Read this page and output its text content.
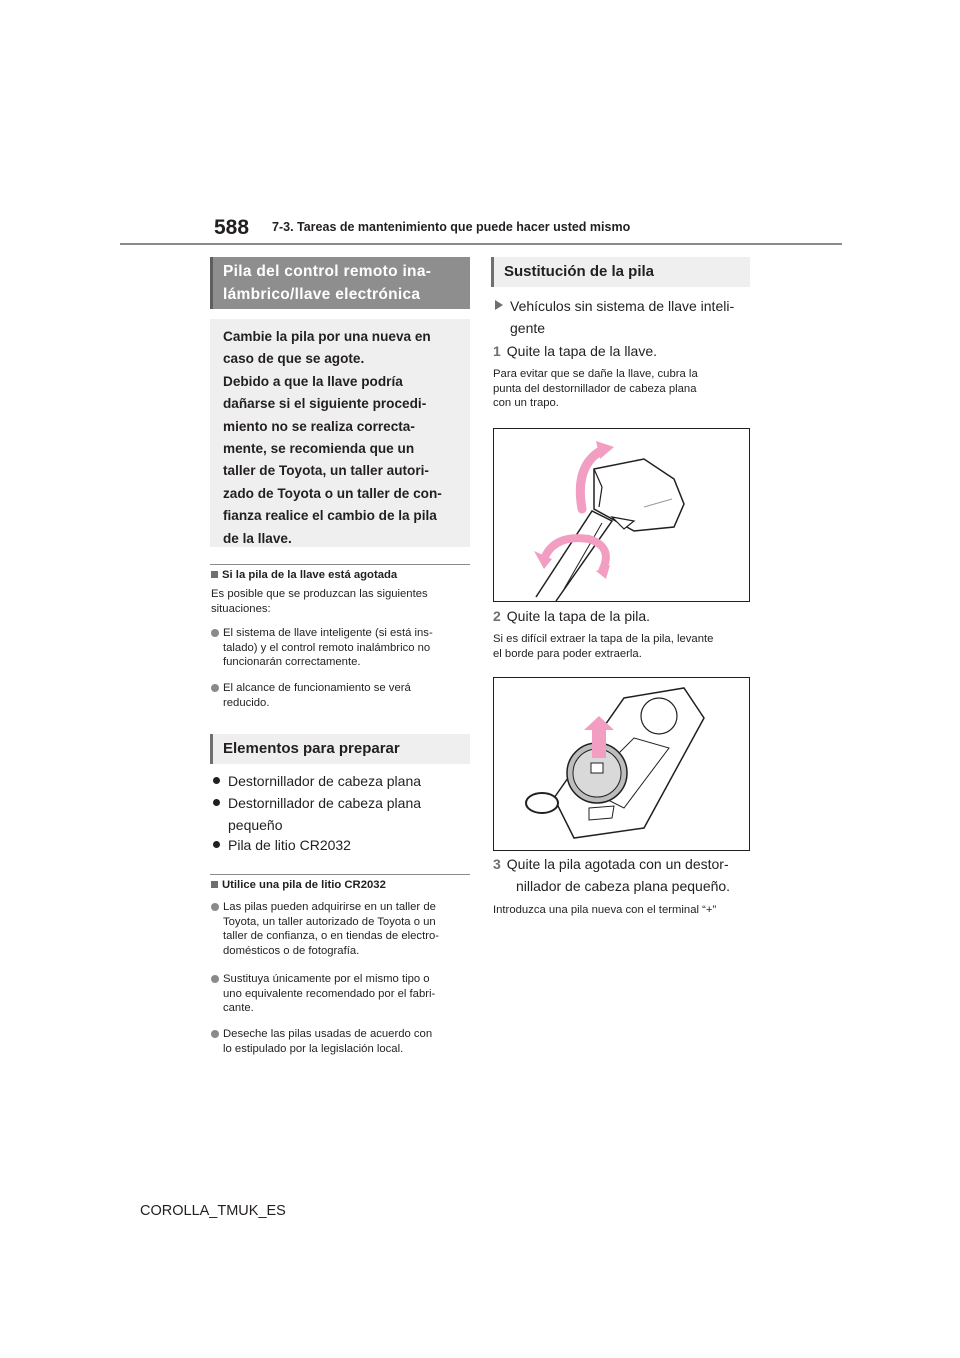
588 7-3. Tareas de mantenimiento que puede hacer usted mismo
Pila del control remoto ina-
lámbrico/llave electrónica
Cambie la pila por una nueva en
caso de que se agote.
Debido a que la llave podría
dañarse si el siguiente procedi-
miento no se realiza correcta-
mente, se recomienda que un
taller de Toyota, un taller autori-
zado de Toyota o un taller de con-
fianza realice el cambio de la pila
de la llave.
Si la pila de la llave está agotada
Es posible que se produzcan las siguientes
situaciones:
El sistema de llave inteligente (si está ins-
talado) y el control remoto inalámbrico no
funcionarán correctamente.
El alcance de funcionamiento se verá
reducido.
Elementos para preparar
Destornillador de cabeza plana
Destornillador de cabeza plana
pequeño
Pila de litio CR2032
Utilice una pila de litio CR2032
Las pilas pueden adquirirse en un taller de
Toyota, un taller autorizado de Toyota o un
taller de confianza, o en tiendas de electro-
domésticos o de fotografía.
Sustituya únicamente por el mismo tipo o
uno equivalente recomendado por el fabri-
cante.
Deseche las pilas usadas de acuerdo con
lo estipulado por la legislación local.
Sustitución de la pila
Vehículos sin sistema de llave inteli-
gente
1 Quite la tapa de la llave.
Para evitar que se dañe la llave, cubra la
punta del destornillador de cabeza plana
con un trapo.
2 Quite la tapa de la pila.
Si es difícil extraer la tapa de la pila, levante
el borde para poder extraerla.
3 Quite la pila agotada con un destor-
nillador de cabeza plana pequeño.
Introduzca una pila nueva con el terminal “+”
COROLLA_TMUK_ES
